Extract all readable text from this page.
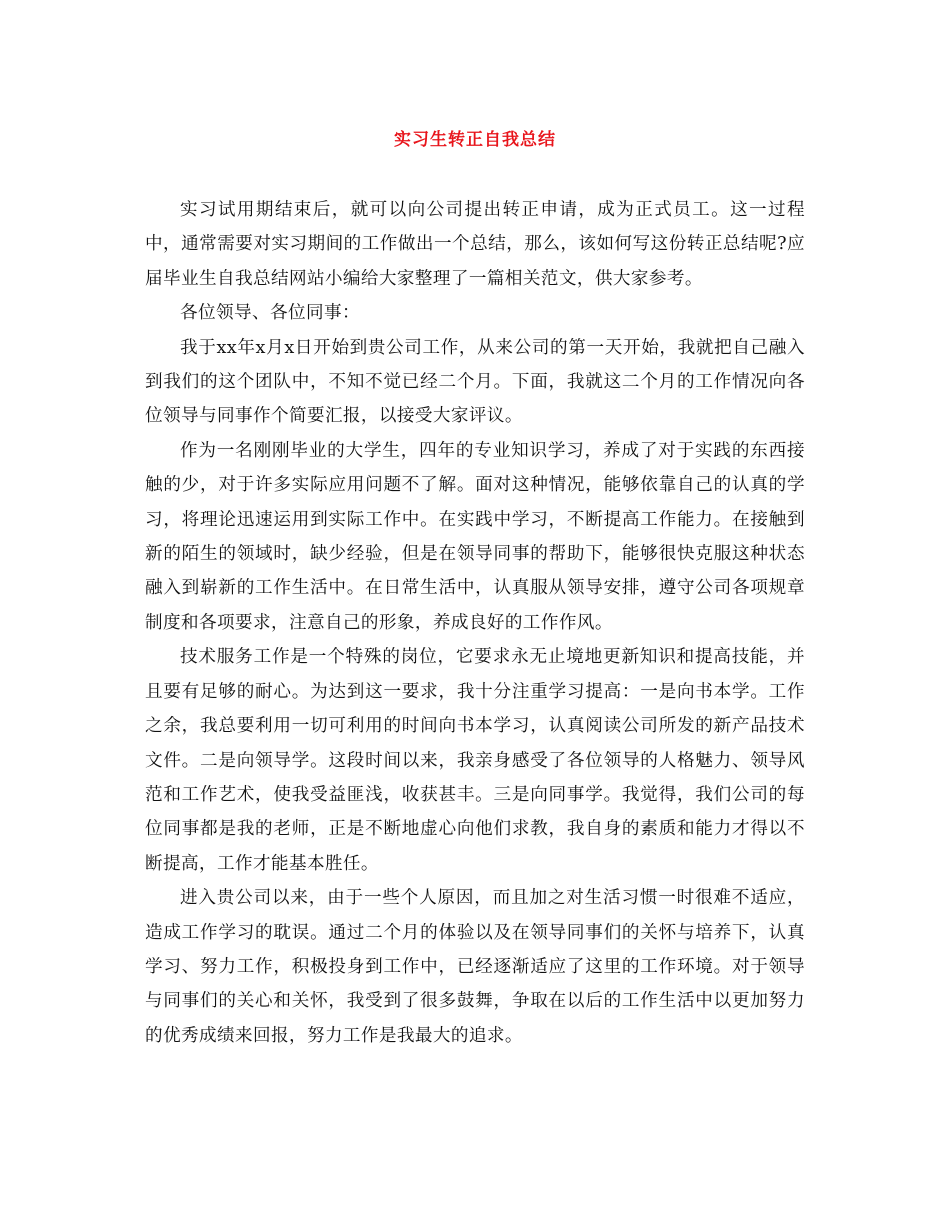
实习生转正自我总结

实习试用期结束后，就可以向公司提出转正申请，成为正式员工。这一过程中，通常需要对实习期间的工作做出一个总结，那么，该如何写这份转正总结呢?应届毕业生自我总结网站小编给大家整理了一篇相关范文，供大家参考。

各位领导、各位同事：

我于xx年x月x日开始到贵公司工作，从来公司的第一天开始，我就把自己融入到我们的这个团队中，不知不觉已经二个月。下面，我就这二个月的工作情况向各位领导与同事作个简要汇报，以接受大家评议。

作为一名刚刚毕业的大学生，四年的专业知识学习，养成了对于实践的东西接触的少，对于许多实际应用问题不了解。面对这种情况，能够依靠自己的认真的学习，将理论迅速运用到实际工作中。在实践中学习，不断提高工作能力。在接触到新的陌生的领域时，缺少经验，但是在领导同事的帮助下，能够很快克服这种状态融入到崭新的工作生活中。在日常生活中，认真服从领导安排，遵守公司各项规章制度和各项要求，注意自己的形象，养成良好的工作作风。

技术服务工作是一个特殊的岗位，它要求永无止境地更新知识和提高技能，并且要有足够的耐心。为达到这一要求，我十分注重学习提高：一是向书本学。工作之余，我总要利用一切可利用的时间向书本学习，认真阅读公司所发的新产品技术文件。二是向领导学。这段时间以来，我亲身感受了各位领导的人格魅力、领导风范和工作艺术，使我受益匪浅，收获甚丰。三是向同事学。我觉得，我们公司的每位同事都是我的老师，正是不断地虚心向他们求教，我自身的素质和能力才得以不断提高，工作才能基本胜任。

进入贵公司以来，由于一些个人原因，而且加之对生活习惯一时很难不适应，造成工作学习的耽误。通过二个月的体验以及在领导同事们的关怀与培养下，认真学习、努力工作，积极投身到工作中，已经逐渐适应了这里的工作环境。对于领导与同事们的关心和关怀，我受到了很多鼓舞，争取在以后的工作生活中以更加努力的优秀成绩来回报，努力工作是我最大的追求。
